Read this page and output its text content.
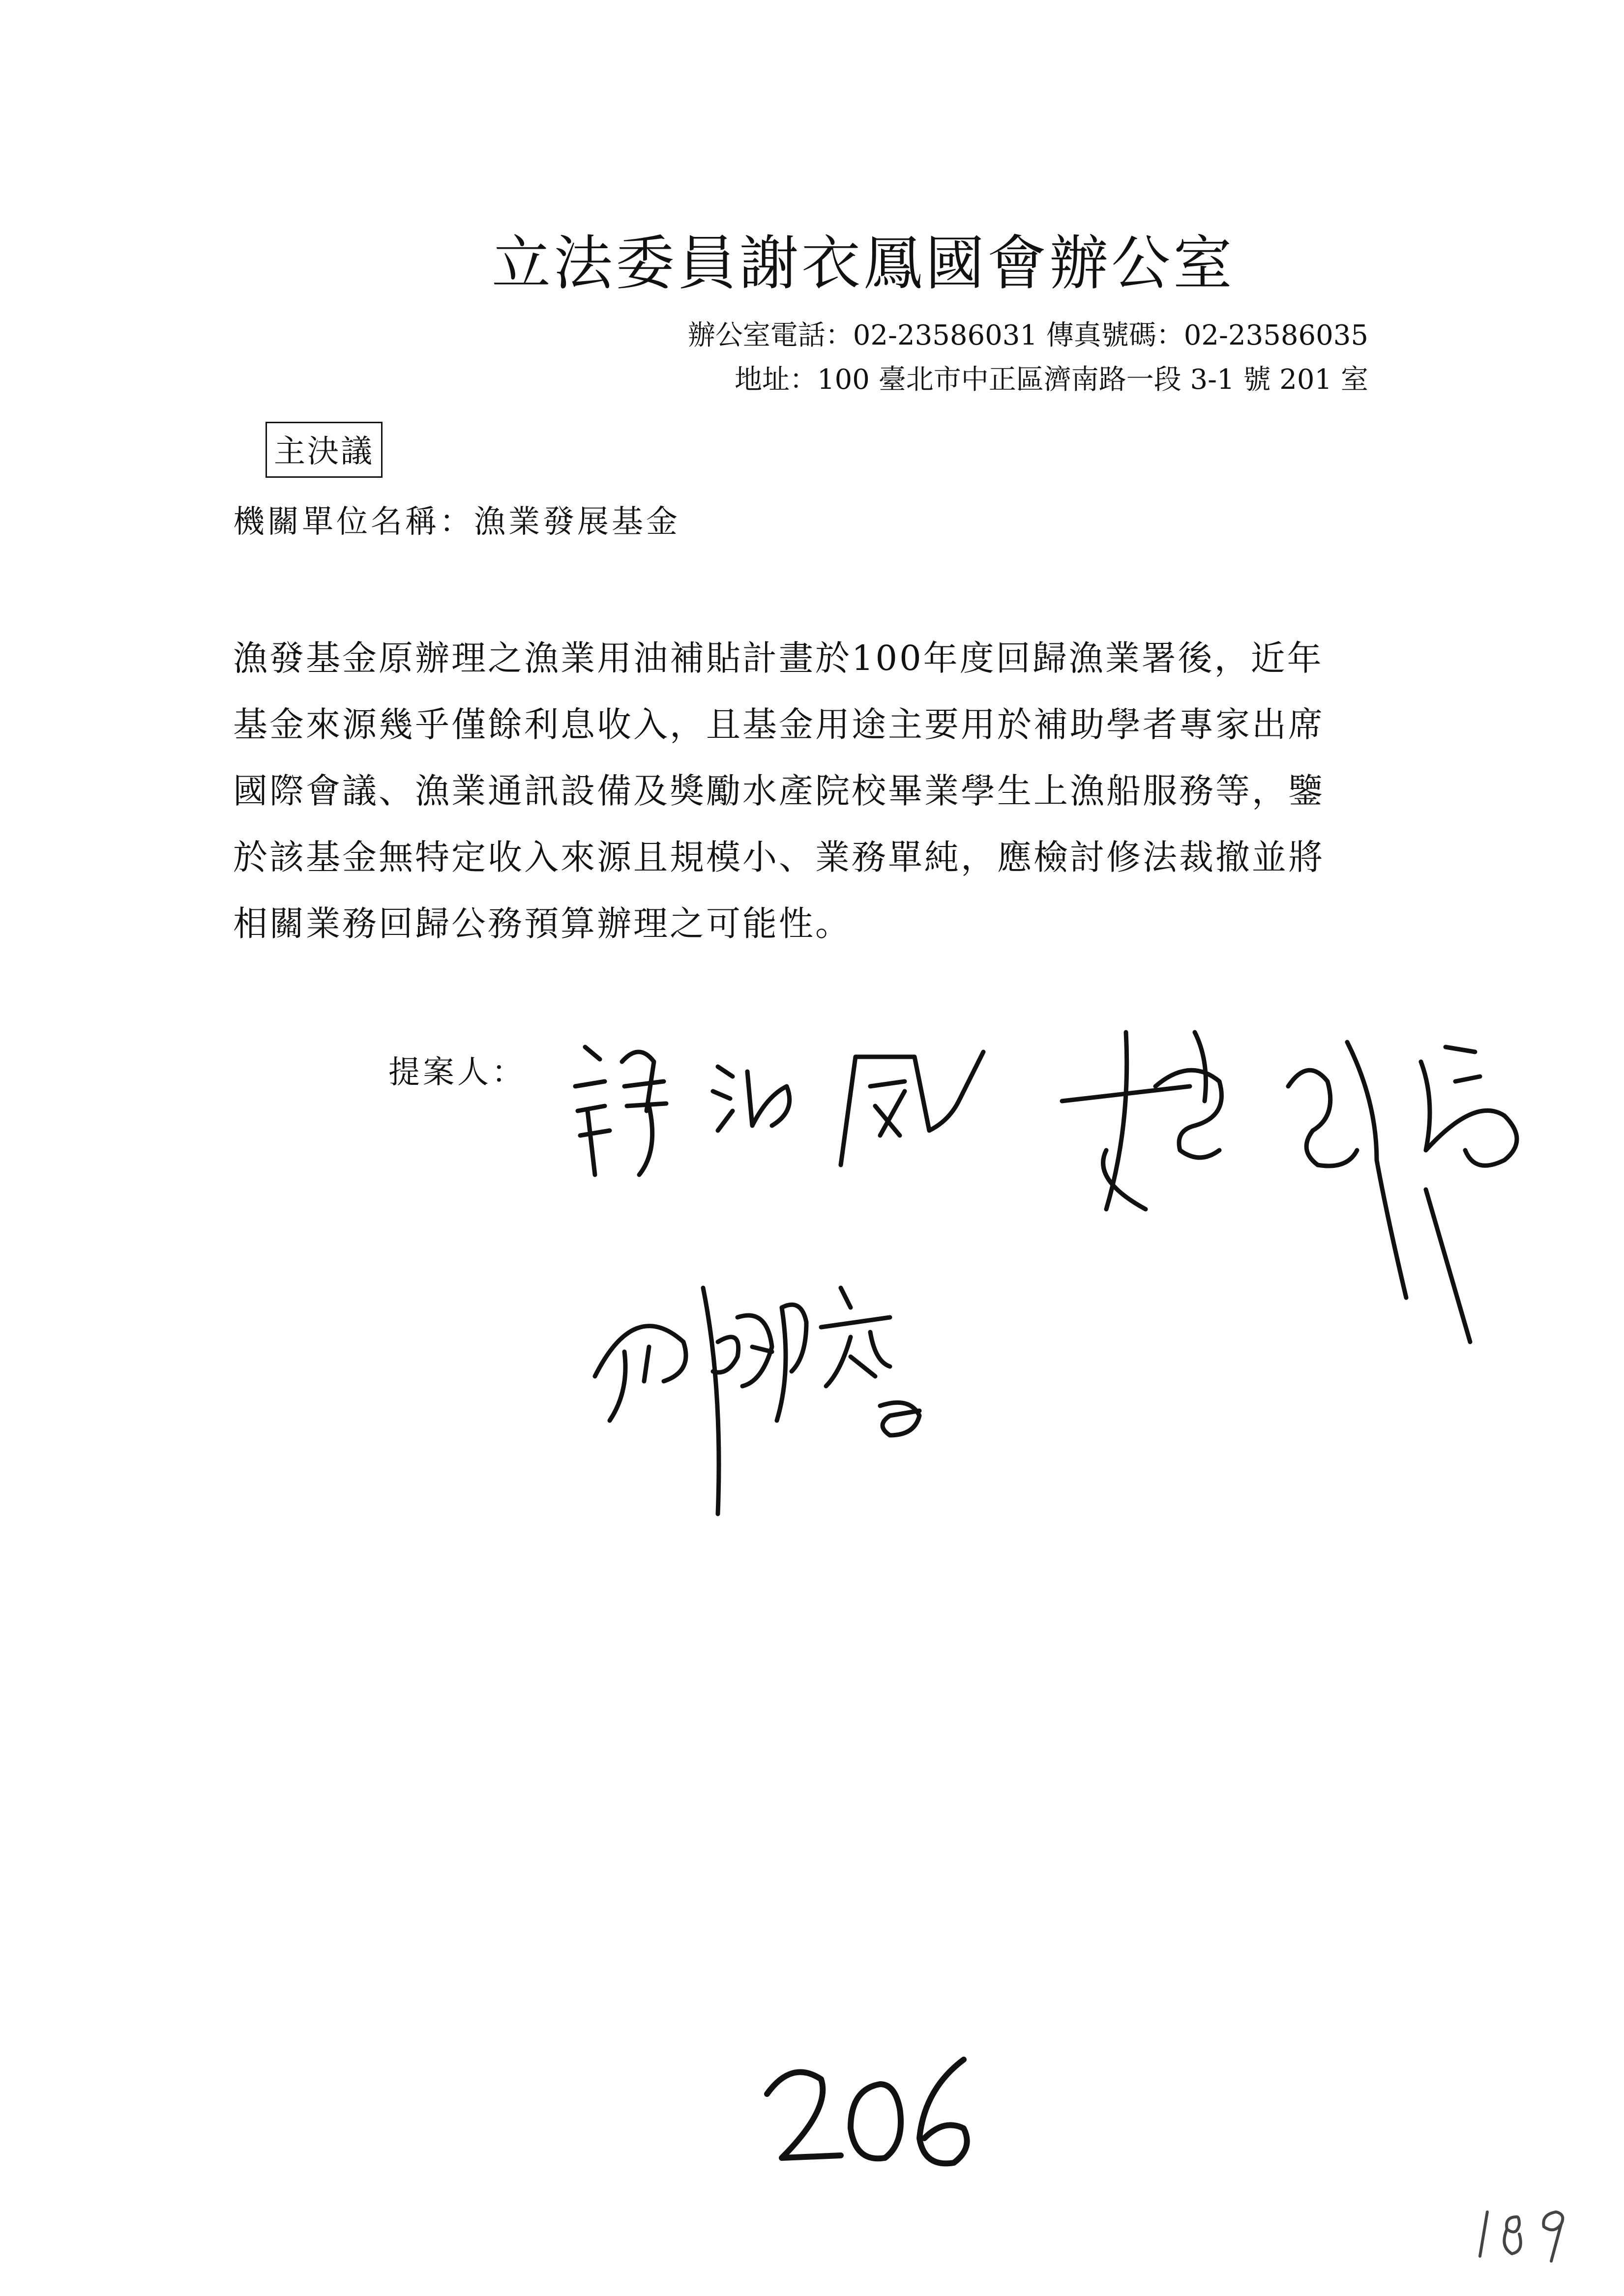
立法委員謝衣鳳國會辦公室
辦公室電話：02-23586031 傳真號碼：02-23586035
地址：100 臺北市中正區濟南路一段 3-1 號 201 室
主決議
機關單位名稱：漁業發展基金
漁發基金原辦理之漁業用油補貼計畫於100年度回歸漁業署後，近年
基金來源幾乎僅餘利息收入，且基金用途主要用於補助學者專家出席
國際會議、漁業通訊設備及獎勵水產院校畢業學生上漁船服務等，鑒
於該基金無特定收入來源且規模小、業務單純，應檢討修法裁撤並將
相關業務回歸公務預算辦理之可能性。
提案人：
